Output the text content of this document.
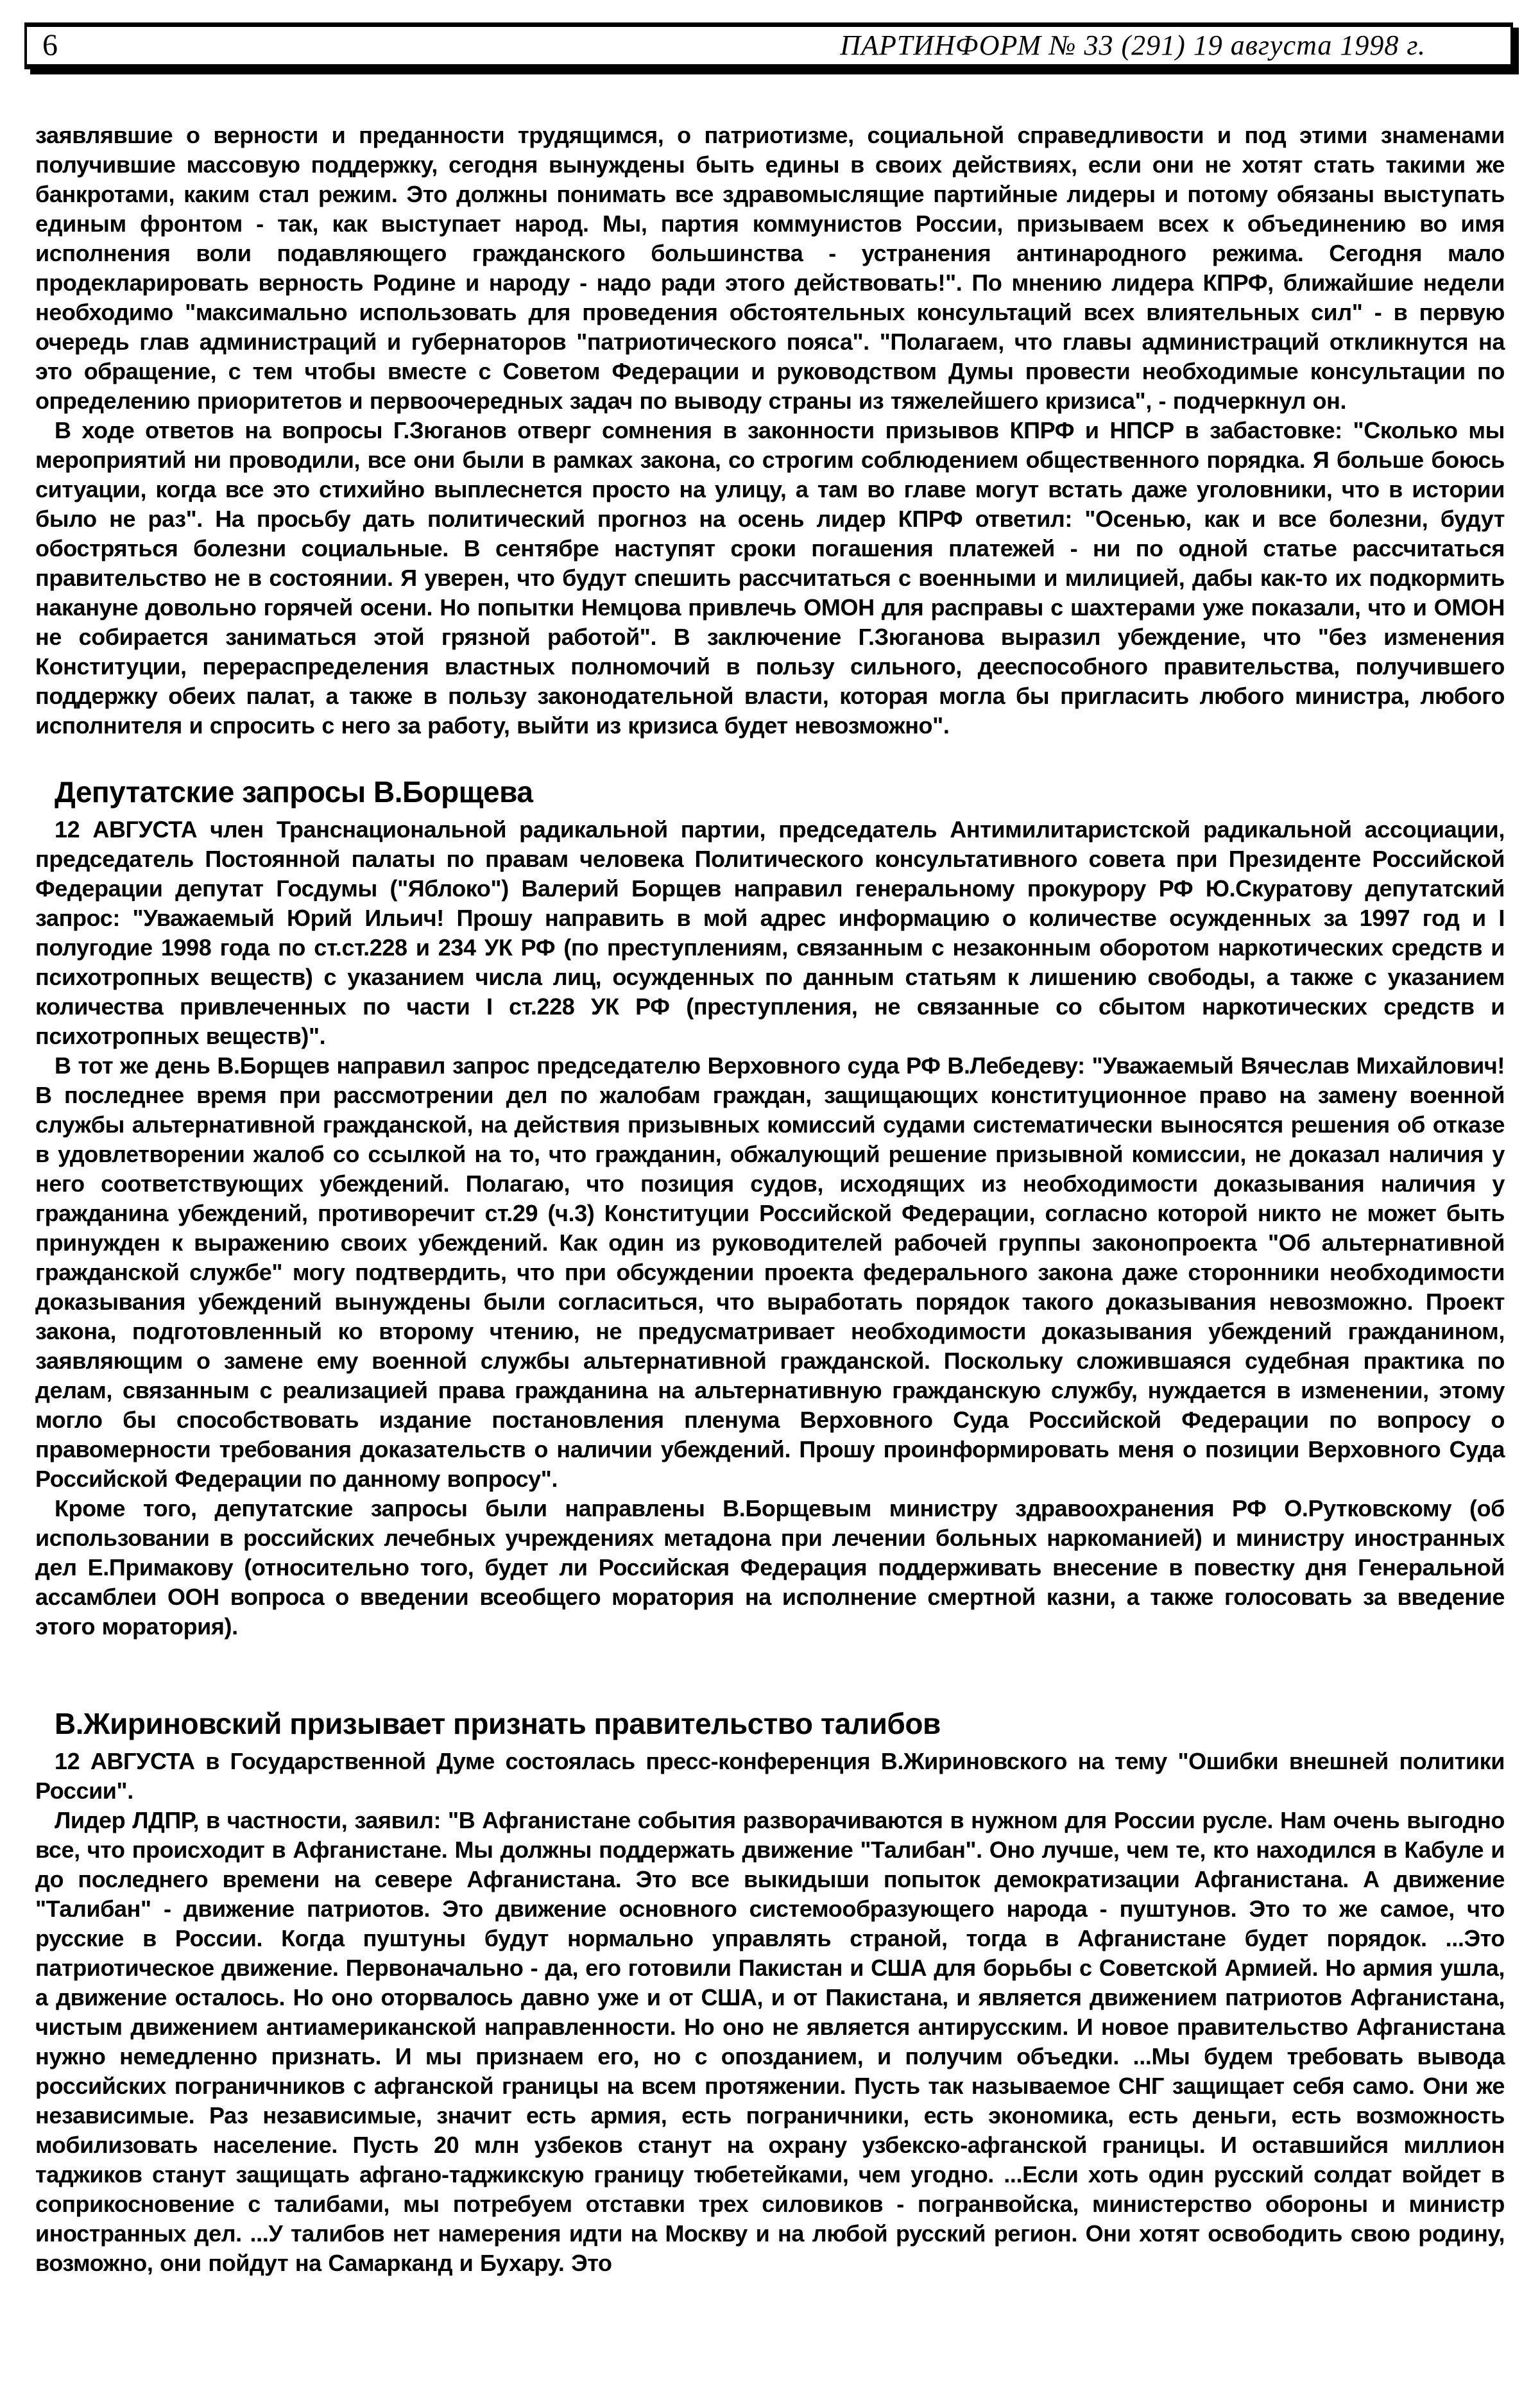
6	ПАРТИНФОРМ № 33 (291) 19 августа 1998 г.

заявлявшие о верности и преданности трудящимся, о патриотизме, социальной справедливости и под этими знаменами получившие массовую поддержку, сегодня вынуждены быть едины в своих действиях, если они не хотят стать такими же банкротами, каким стал режим. Это должны понимать все здравомыслящие партийные лидеры и потому обязаны выступать единым фронтом - так, как выступает народ. Мы, партия коммунистов России, призываем всех к объединению во имя исполнения воли подавляющего гражданского большинства - устранения антинародного режима. Сегодня мало продекларировать верность Родине и народу - надо ради этого действовать!". По мнению лидера КПРФ, ближайшие недели необходимо "максимально использовать для проведения обстоятельных консультаций всех влиятельных сил" - в первую очередь глав администраций и губернаторов "патриотического пояса". "Полагаем, что главы администраций откликнутся на это обращение, с тем чтобы вместе с Советом Федерации и руководством Думы провести необходимые консультации по определению приоритетов и первоочередных задач по выводу страны из тяжелейшего кризиса", - подчеркнул он.

В ходе ответов на вопросы Г.Зюганов отверг сомнения в законности призывов КПРФ и НПСР в забастовке: "Сколько мы мероприятий ни проводили, все они были в рамках закона, со строгим соблюдением общественного порядка. Я больше боюсь ситуации, когда все это стихийно выплеснется просто на улицу, а там во главе могут встать даже уголовники, что в истории было не раз". На просьбу дать политический прогноз на осень лидер КПРФ ответил: "Осенью, как и все болезни, будут обостряться болезни социальные. В сентябре наступят сроки погашения платежей - ни по одной статье рассчитаться правительство не в состоянии. Я уверен, что будут спешить рассчитаться с военными и милицией, дабы как-то их подкормить накануне довольно горячей осени. Но попытки Немцова привлечь ОМОН для расправы с шахтерами уже показали, что и ОМОН не собирается заниматься этой грязной работой". В заключение Г.Зюганова выразил убеждение, что "без изменения Конституции, перераспределения властных полномочий в пользу сильного, дееспособного правительства, получившего поддержку обеих палат, а также в пользу законодательной власти, которая могла бы пригласить любого министра, любого исполнителя и спросить с него за работу, выйти из кризиса будет невозможно".

Депутатские запросы В.Борщева

12 АВГУСТА член Транснациональной радикальной партии, председатель Антимилитаристской радикальной ассоциации, председатель Постоянной палаты по правам человека Политического консультативного совета при Президенте Российской Федерации депутат Госдумы ("Яблоко") Валерий Борщев направил генеральному прокурору РФ Ю.Скуратову депутатский запрос: "Уважаемый Юрий Ильич! Прошу направить в мой адрес информацию о количестве осужденных за 1997 год и I полугодие 1998 года по ст.ст.228 и 234 УК РФ (по преступлениям, связанным с незаконным оборотом наркотических средств и психотропных веществ) с указанием числа лиц, осужденных по данным статьям к лишению свободы, а также с указанием количества привлеченных по части I ст.228 УК РФ (преступления, не связанные со сбытом наркотических средств и психотропных веществ)".

В тот же день В.Борщев направил запрос председателю Верховного суда РФ В.Лебедеву: "Уважаемый Вячеслав Михайлович! В последнее время при рассмотрении дел по жалобам граждан, защищающих конституционное право на замену военной службы альтернативной гражданской, на действия призывных комиссий судами систематически выносятся решения об отказе в удовлетворении жалоб со ссылкой на то, что гражданин, обжалующий решение призывной комиссии, не доказал наличия у него соответствующих убеждений. Полагаю, что позиция судов, исходящих из необходимости доказывания наличия у гражданина убеждений, противоречит ст.29 (ч.3) Конституции Российской Федерации, согласно которой никто не может быть принужден к выражению своих убеждений. Как один из руководителей рабочей группы законопроекта "Об альтернативной гражданской службе" могу подтвердить, что при обсуждении проекта федерального закона даже сторонники необходимости доказывания убеждений вынуждены были согласиться, что выработать порядок такого доказывания невозможно. Проект закона, подготовленный ко второму чтению, не предусматривает необходимости доказывания убеждений гражданином, заявляющим о замене ему военной службы альтернативной гражданской. Поскольку сложившаяся судебная практика по делам, связанным с реализацией права гражданина на альтернативную гражданскую службу, нуждается в изменении, этому могло бы способствовать издание постановления пленума Верховного Суда Российской Федерации по вопросу о правомерности требования доказательств о наличии убеждений. Прошу проинформировать меня о позиции Верховного Суда Российской Федерации по данному вопросу".

Кроме того, депутатские запросы были направлены В.Борщевым министру здравоохранения РФ О.Рутковскому (об использовании в российских лечебных учреждениях метадона при лечении больных наркоманией) и министру иностранных дел Е.Примакову (относительно того, будет ли Российская Федерация поддерживать внесение в повестку дня Генеральной ассамблеи ООН вопроса о введении всеобщего моратория на исполнение смертной казни, а также голосовать за введение этого моратория).

В.Жириновский призывает признать правительство талибов

12 АВГУСТА в Государственной Думе состоялась пресс-конференция В.Жириновского на тему "Ошибки внешней политики России".

Лидер ЛДПР, в частности, заявил: "В Афганистане события разворачиваются в нужном для России русле. Нам очень выгодно все, что происходит в Афганистане. Мы должны поддержать движение "Талибан". Оно лучше, чем те, кто находился в Кабуле и до последнего времени на севере Афганистана. Это все выкидыши попыток демократизации Афганистана. А движение "Талибан" - движение патриотов. Это движение основного системообразующего народа - пуштунов. Это то же самое, что русские в России. Когда пуштуны будут нормально управлять страной, тогда в Афганистане будет порядок. ...Это патриотическое движение. Первоначально - да, его готовили Пакистан и США для борьбы с Советской Армией. Но армия ушла, а движение осталось. Но оно оторвалось давно уже и от США, и от Пакистана, и является движением патриотов Афганистана, чистым движением антиамериканской направленности. Но оно не является антирусским. И новое правительство Афганистана нужно немедленно признать. И мы признаем его, но с опозданием, и получим объедки. ...Мы будем требовать вывода российских пограничников с афганской границы на всем протяжении. Пусть так называемое СНГ защищает себя само. Они же независимые. Раз независимые, значит есть армия, есть пограничники, есть экономика, есть деньги, есть возможность мобилизовать население. Пусть 20 млн узбеков станут на охрану узбекско-афганской границы. И оставшийся миллион таджиков станут защищать афгано-таджикскую границу тюбетейками, чем угодно. ...Если хоть один русский солдат войдет в соприкосновение с талибами, мы потребуем отставки трех силовиков - погранвойска, министерство обороны и министр иностранных дел. ...У талибов нет намерения идти на Москву и на любой русский регион. Они хотят освободить свою родину, возможно, они пойдут на Самарканд и Бухару. Это
